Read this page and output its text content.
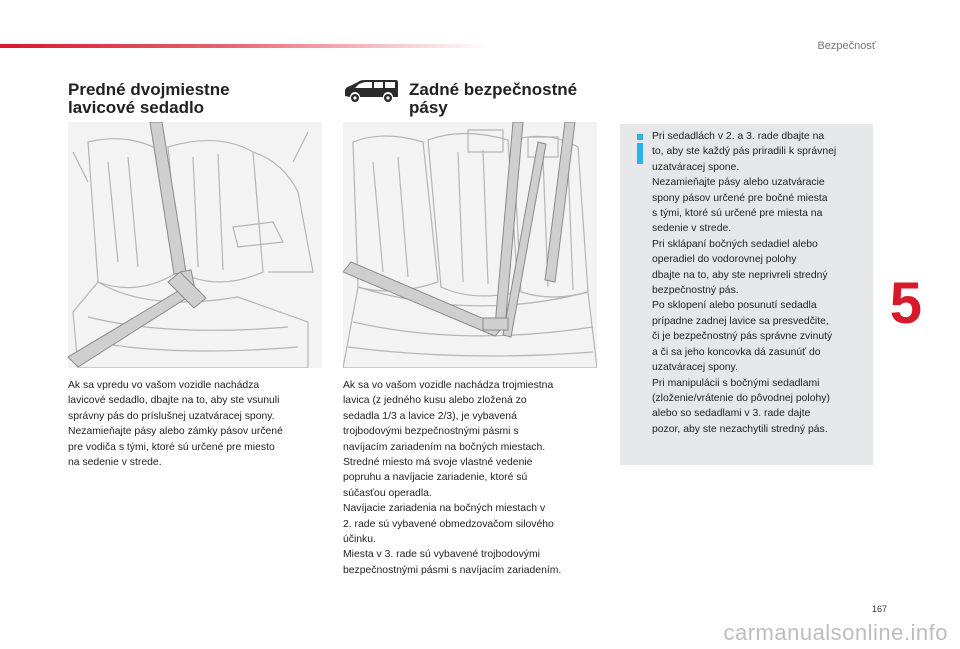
Bezpečnosť
5
Predné dvojmiestne
lavicové sedadlo
Ak sa vpredu vo vašom vozidle nachádza
lavicové sedadlo, dbajte na to, aby ste vsunuli
správny pás do príslušnej uzatváracej spony.
Nezamieňajte pásy alebo zámky pásov určené
pre vodiča s tými, ktoré sú určené pre miesto
na sedenie v strede.
Zadné bezpečnostné
pásy
Ak sa vo vašom vozidle nachádza trojmiestna
lavica (z jedného kusu alebo zložená zo
sedadla 1/3 a lavice 2/3), je vybavená
trojbodovými bezpečnostnými pásmi s
navíjacím zariadením na bočných miestach.
Stredné miesto má svoje vlastné vedenie
popruhu a navíjacie zariadenie, ktoré sú
súčasťou operadla.
Navíjacie zariadenia na bočných miestach v
2. rade sú vybavené obmedzovačom silového
účinku.
Miesta v 3. rade sú vybavené trojbodovými
bezpečnostnými pásmi s navíjacím zariadením.
Pri sedadlách v 2. a 3. rade dbajte na
to, aby ste každý pás priradili k správnej
uzatváracej spone.
Nezamieňajte pásy alebo uzatváracie
spony pásov určené pre bočné miesta
s tými, ktoré sú určené pre miesta na
sedenie v strede.
Pri sklápaní bočných sedadiel alebo
operadiel do vodorovnej polohy
dbajte na to, aby ste neprivreli stredný
bezpečnostný pás.
Po sklopení alebo posunutí sedadla
prípadne zadnej lavice sa presvedčite,
či je bezpečnostný pás správne zvinutý
a či sa jeho koncovka dá zasunúť do
uzatváracej spony.
Pri manipulácii s bočnými sedadlami
(zloženie/vrátenie do pôvodnej polohy)
alebo so sedadlami v 3. rade dajte
pozor, aby ste nezachytili stredný pás.
167
carmanualsonline.info
